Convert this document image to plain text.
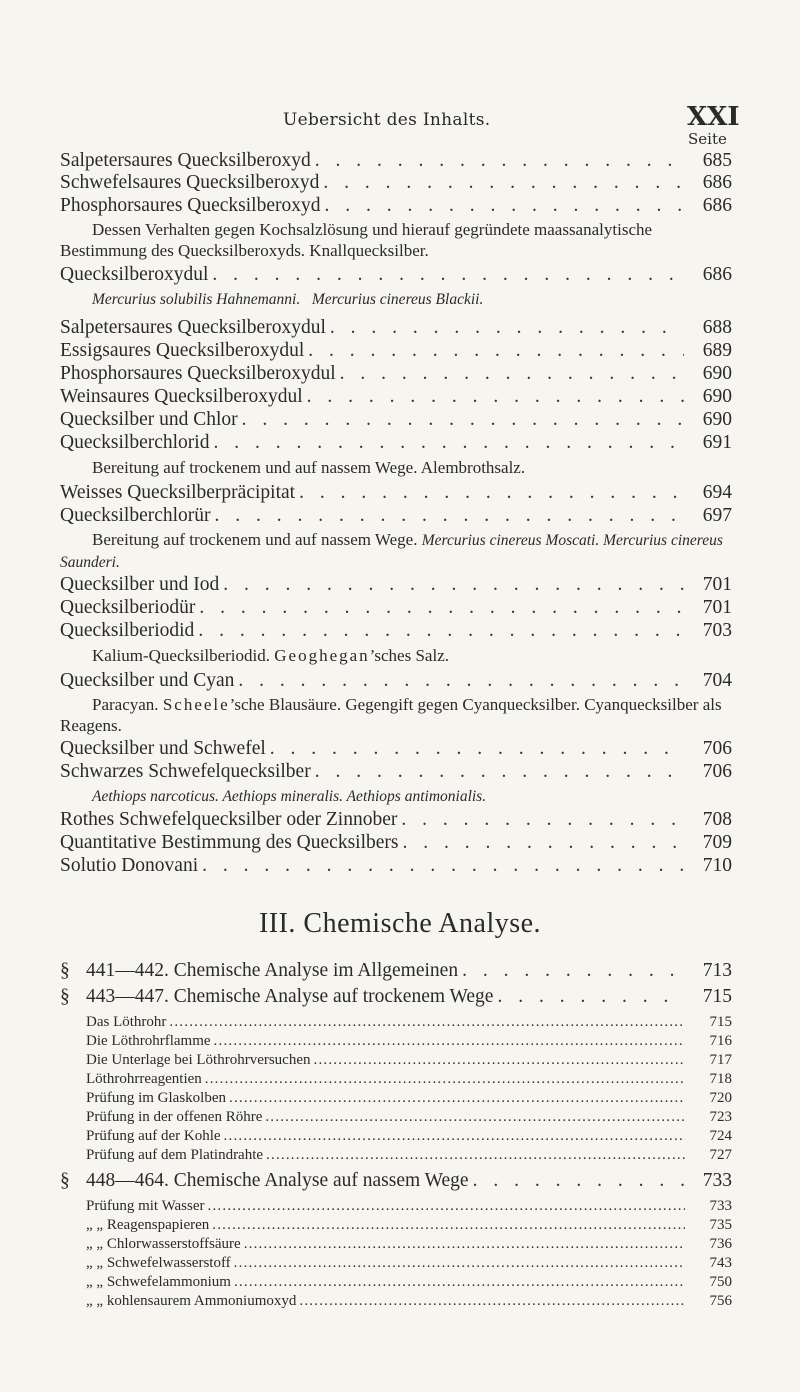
Uebersicht des Inhalts.	XXI
Seite
Salpetersaures Quecksilberoxyd . . .	685
Schwefelsaures Quecksilberoxyd . . .	686
Phosphorsaures Quecksilberoxyd . . .	686
Dessen Verhalten gegen Kochsalzlösung und hierauf gegründete maassanalytische Bestimmung des Quecksilberoxyds. Knallquecksilber.
Quecksilberoxydul . . .	686
Mercurius solubilis Hahnemanni. Mercurius cinereus Blackii.
Salpetersaures Quecksilberoxydul . . .	688
Essigsaures Quecksilberoxydul . . .	689
Phosphorsaures Quecksilberoxydul . . .	690
Weinsaures Quecksilberoxydul . . .	690
Quecksilber und Chlor . . .	690
Quecksilberchlorid . . .	691
Bereitung auf trockenem und auf nassem Wege. Alembrothsalz.
Weisses Quecksilberpräcipitat . . .	694
Quecksilberchlorür . . .	697
Bereitung auf trockenem und auf nassem Wege. Mercurius cinereus Moscati. Mercurius cinereus Saunderi.
Quecksilber und Iod . . .	701
Quecksilberiodür . . .	701
Quecksilberiodid . . .	703
Kalium-Quecksilberiodid. Geoghegan’sches Salz.
Quecksilber und Cyan . . .	704
Paracyan. Scheele’sche Blausäure. Gegengift gegen Cyanquecksilber. Cyanquecksilber als Reagens.
Quecksilber und Schwefel . . .	706
Schwarzes Schwefelquecksilber . . .	706
Aethiops narcoticus. Aethiops mineralis. Aethiops antimonialis.
Rothes Schwefelquecksilber oder Zinnober . . .	708
Quantitative Bestimmung des Quecksilbers . . .	709
Solutio Donovani . . .	710
III. Chemische Analyse.
§ 441—442. Chemische Analyse im Allgemeinen . . .	713
§ 443—447. Chemische Analyse auf trockenem Wege . . .	715
Das Löthrohr .....	715
Die Löthrohrflamme .....	716
Die Unterlage bei Löthrohrversuchen .....	717
Löthrohrreagentien .....	718
Prüfung im Glaskolben .....	720
Prüfung in der offenen Röhre .....	723
Prüfung auf der Kohle .....	724
Prüfung auf dem Platindrahte .....	727
§ 448—464. Chemische Analyse auf nassem Wege . . .	733
Prüfung mit Wasser .....	733
„ „ Reagenspapieren .....	735
„ „ Chlorwasserstoffsäure .....	736
„ „ Schwefelwasserstoff .....	743
„ „ Schwefelammonium .....	750
„ „ kohlensaurem Ammoniumoxyd .....	756
